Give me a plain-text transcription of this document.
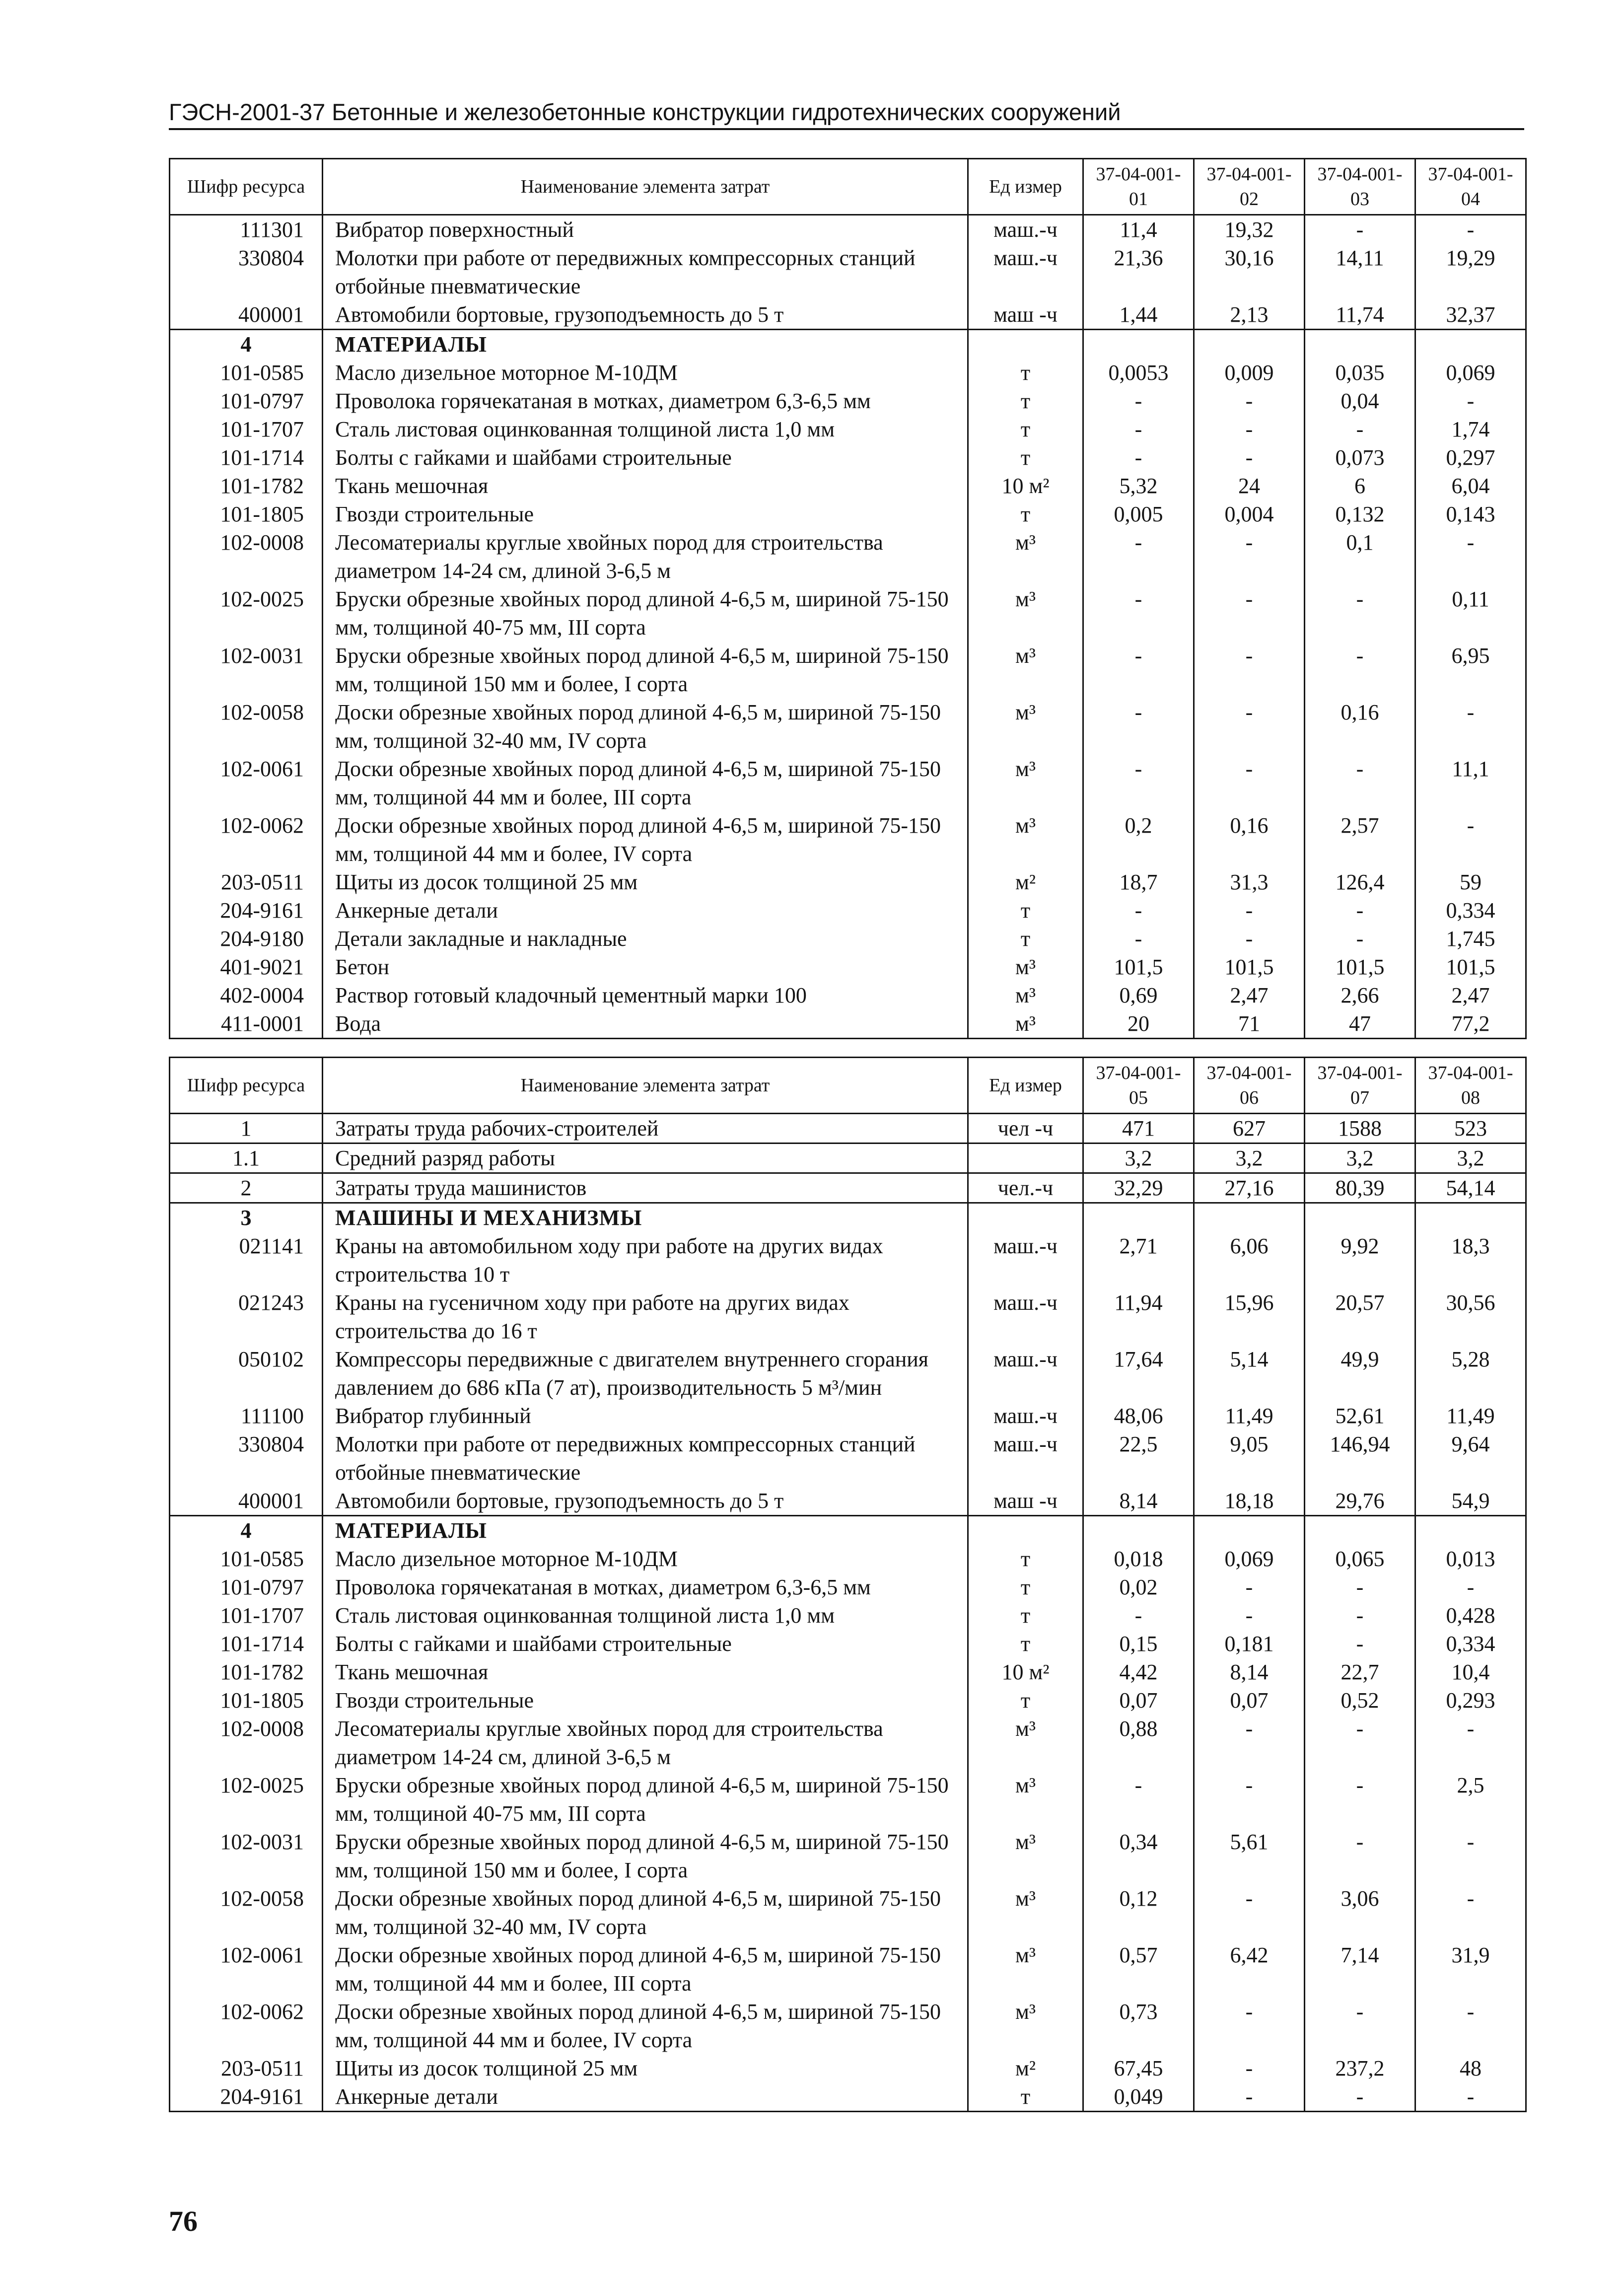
ГЭСН-2001-37 Бетонные и железобетонные конструкции гидротехнических сооружений
Шифр ресурса	Наименование элемента затрат	Ед измер	37-04-001-01	37-04-001-02	37-04-001-03	37-04-001-04
111301	Вибратор поверхностный	маш.-ч	11,4	19,32	-	-
330804	Молотки при работе от передвижных компрессорных станций отбойные пневматические	маш.-ч	21,36	30,16	14,11	19,29
400001	Автомобили бортовые, грузоподъемность до 5 т	маш -ч	1,44	2,13	11,74	32,37
4	МАТЕРИАЛЫ					
101-0585	Масло дизельное моторное М-10ДМ	т	0,0053	0,009	0,035	0,069
101-0797	Проволока горячекатаная в мотках, диаметром 6,3-6,5 мм	т	-	-	0,04	-
101-1707	Сталь листовая оцинкованная толщиной листа 1,0 мм	т	-	-	-	1,74
101-1714	Болты с гайками и шайбами строительные	т	-	-	0,073	0,297
101-1782	Ткань мешочная	10 м²	5,32	24	6	6,04
101-1805	Гвозди строительные	т	0,005	0,004	0,132	0,143
102-0008	Лесоматериалы круглые хвойных пород для строительства диаметром 14-24 см, длиной 3-6,5 м	м³	-	-	0,1	-
102-0025	Бруски обрезные хвойных пород длиной 4-6,5 м, шириной 75-150 мм, толщиной 40-75 мм, III сорта	м³	-	-	-	0,11
102-0031	Бруски обрезные хвойных пород длиной 4-6,5 м, шириной 75-150 мм, толщиной 150 мм и более, I сорта	м³	-	-	-	6,95
102-0058	Доски обрезные хвойных пород длиной 4-6,5 м, шириной 75-150 мм, толщиной 32-40 мм, IV сорта	м³	-	-	0,16	-
102-0061	Доски обрезные хвойных пород длиной 4-6,5 м, шириной 75-150 мм, толщиной 44 мм и более, III сорта	м³	-	-	-	11,1
102-0062	Доски обрезные хвойных пород длиной 4-6,5 м, шириной 75-150 мм, толщиной 44 мм и более, IV сорта	м³	0,2	0,16	2,57	-
203-0511	Щиты из досок толщиной 25 мм	м²	18,7	31,3	126,4	59
204-9161	Анкерные детали	т	-	-	-	0,334
204-9180	Детали закладные и накладные	т	-	-	-	1,745
401-9021	Бетон	м³	101,5	101,5	101,5	101,5
402-0004	Раствор готовый кладочный цементный марки 100	м³	0,69	2,47	2,66	2,47
411-0001	Вода	м³	20	71	47	77,2
Шифр ресурса	Наименование элемента затрат	Ед измер	37-04-001-05	37-04-001-06	37-04-001-07	37-04-001-08
1	Затраты труда рабочих-строителей	чел -ч	471	627	1588	523
1.1	Средний разряд работы		3,2	3,2	3,2	3,2
2	Затраты труда машинистов	чел.-ч	32,29	27,16	80,39	54,14
3	МАШИНЫ И МЕХАНИЗМЫ					
021141	Краны на автомобильном ходу при работе на других видах строительства 10 т	маш.-ч	2,71	6,06	9,92	18,3
021243	Краны на гусеничном ходу при работе на других видах строительства до 16 т	маш.-ч	11,94	15,96	20,57	30,56
050102	Компрессоры передвижные с двигателем внутреннего сгорания давлением до 686 кПа (7 ат), производительность 5 м³/мин	маш.-ч	17,64	5,14	49,9	5,28
111100	Вибратор глубинный	маш.-ч	48,06	11,49	52,61	11,49
330804	Молотки при работе от передвижных компрессорных станций отбойные пневматические	маш.-ч	22,5	9,05	146,94	9,64
400001	Автомобили бортовые, грузоподъемность до 5 т	маш -ч	8,14	18,18	29,76	54,9
4	МАТЕРИАЛЫ					
101-0585	Масло дизельное моторное М-10ДМ	т	0,018	0,069	0,065	0,013
101-0797	Проволока горячекатаная в мотках, диаметром 6,3-6,5 мм	т	0,02	-	-	-
101-1707	Сталь листовая оцинкованная толщиной листа 1,0 мм	т	-	-	-	0,428
101-1714	Болты с гайками и шайбами строительные	т	0,15	0,181	-	0,334
101-1782	Ткань мешочная	10 м²	4,42	8,14	22,7	10,4
101-1805	Гвозди строительные	т	0,07	0,07	0,52	0,293
102-0008	Лесоматериалы круглые хвойных пород для строительства диаметром 14-24 см, длиной 3-6,5 м	м³	0,88	-	-	-
102-0025	Бруски обрезные хвойных пород длиной 4-6,5 м, шириной 75-150 мм, толщиной 40-75 мм, III сорта	м³	-	-	-	2,5
102-0031	Бруски обрезные хвойных пород длиной 4-6,5 м, шириной 75-150 мм, толщиной 150 мм и более, I сорта	м³	0,34	5,61	-	-
102-0058	Доски обрезные хвойных пород длиной 4-6,5 м, шириной 75-150 мм, толщиной 32-40 мм, IV сорта	м³	0,12	-	3,06	-
102-0061	Доски обрезные хвойных пород длиной 4-6,5 м, шириной 75-150 мм, толщиной 44 мм и более, III сорта	м³	0,57	6,42	7,14	31,9
102-0062	Доски обрезные хвойных пород длиной 4-6,5 м, шириной 75-150 мм, толщиной 44 мм и более, IV сорта	м³	0,73	-	-	-
203-0511	Щиты из досок толщиной 25 мм	м²	67,45	-	237,2	48
204-9161	Анкерные детали	т	0,049	-	-	-
76
